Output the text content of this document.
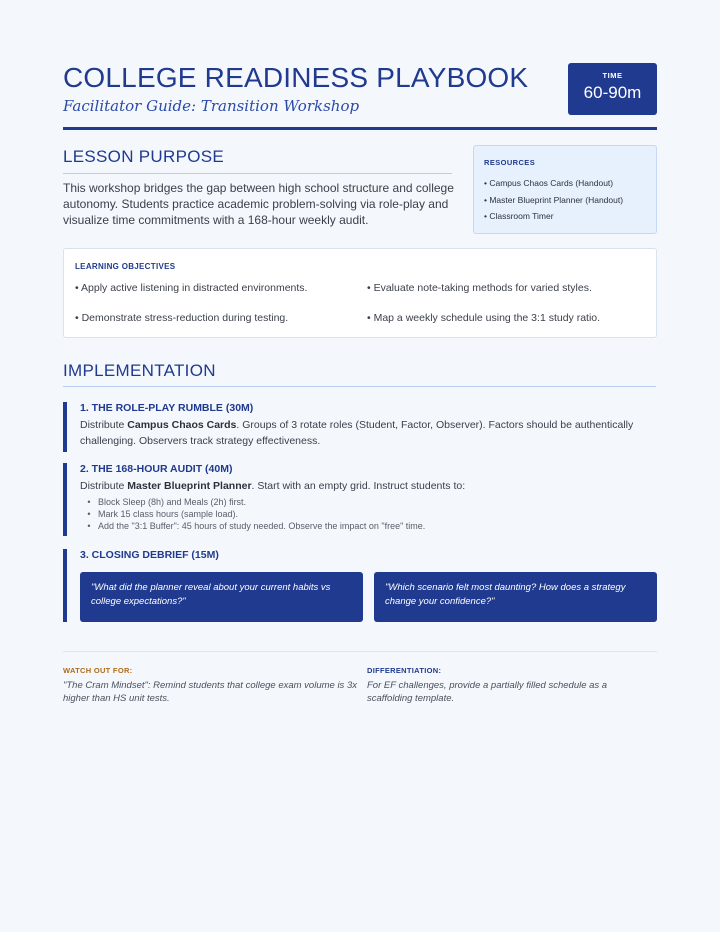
COLLEGE READINESS PLAYBOOK

Facilitator Guide: Transition Workshop

TIME
60-90m
LESSON PURPOSE

This workshop bridges the gap between high school structure and college autonomy. Students practice academic problem-solving via role-play and visualize time commitments with a 168-hour weekly audit.

RESOURCES
• Campus Chaos Cards (Handout)
• Master Blueprint Planner (Handout)
• Classroom Timer
LEARNING OBJECTIVES
• Apply active listening in distracted environments.	• Evaluate note-taking methods for varied styles.
• Demonstrate stress-reduction during testing.	• Map a weekly schedule using the 3:1 study ratio.
IMPLEMENTATION
1. THE ROLE-PLAY RUMBLE (30M)

Distribute Campus Chaos Cards. Groups of 3 rotate roles (Student, Factor, Observer). Factors should be authentically challenging. Observers track strategy effectiveness.

2. THE 168-HOUR AUDIT (40M)

Distribute Master Blueprint Planner. Start with an empty grid. Instruct students to:

• Block Sleep (8h) and Meals (2h) first.
• Mark 15 class hours (sample load).
• Add the "3:1 Buffer": 45 hours of study needed. Observe the impact on "free" time.
3. CLOSING DEBRIEF (15M)

"What did the planner reveal about your current habits vs college expectations?"

"Which scenario felt most daunting? How does a strategy change your confidence?"

WATCH OUT FOR:

"The Cram Mindset": Remind students that college exam volume is 3x higher than HS unit tests.

DIFFERENTIATION:

For EF challenges, provide a partially filled schedule as a scaffolding template.
